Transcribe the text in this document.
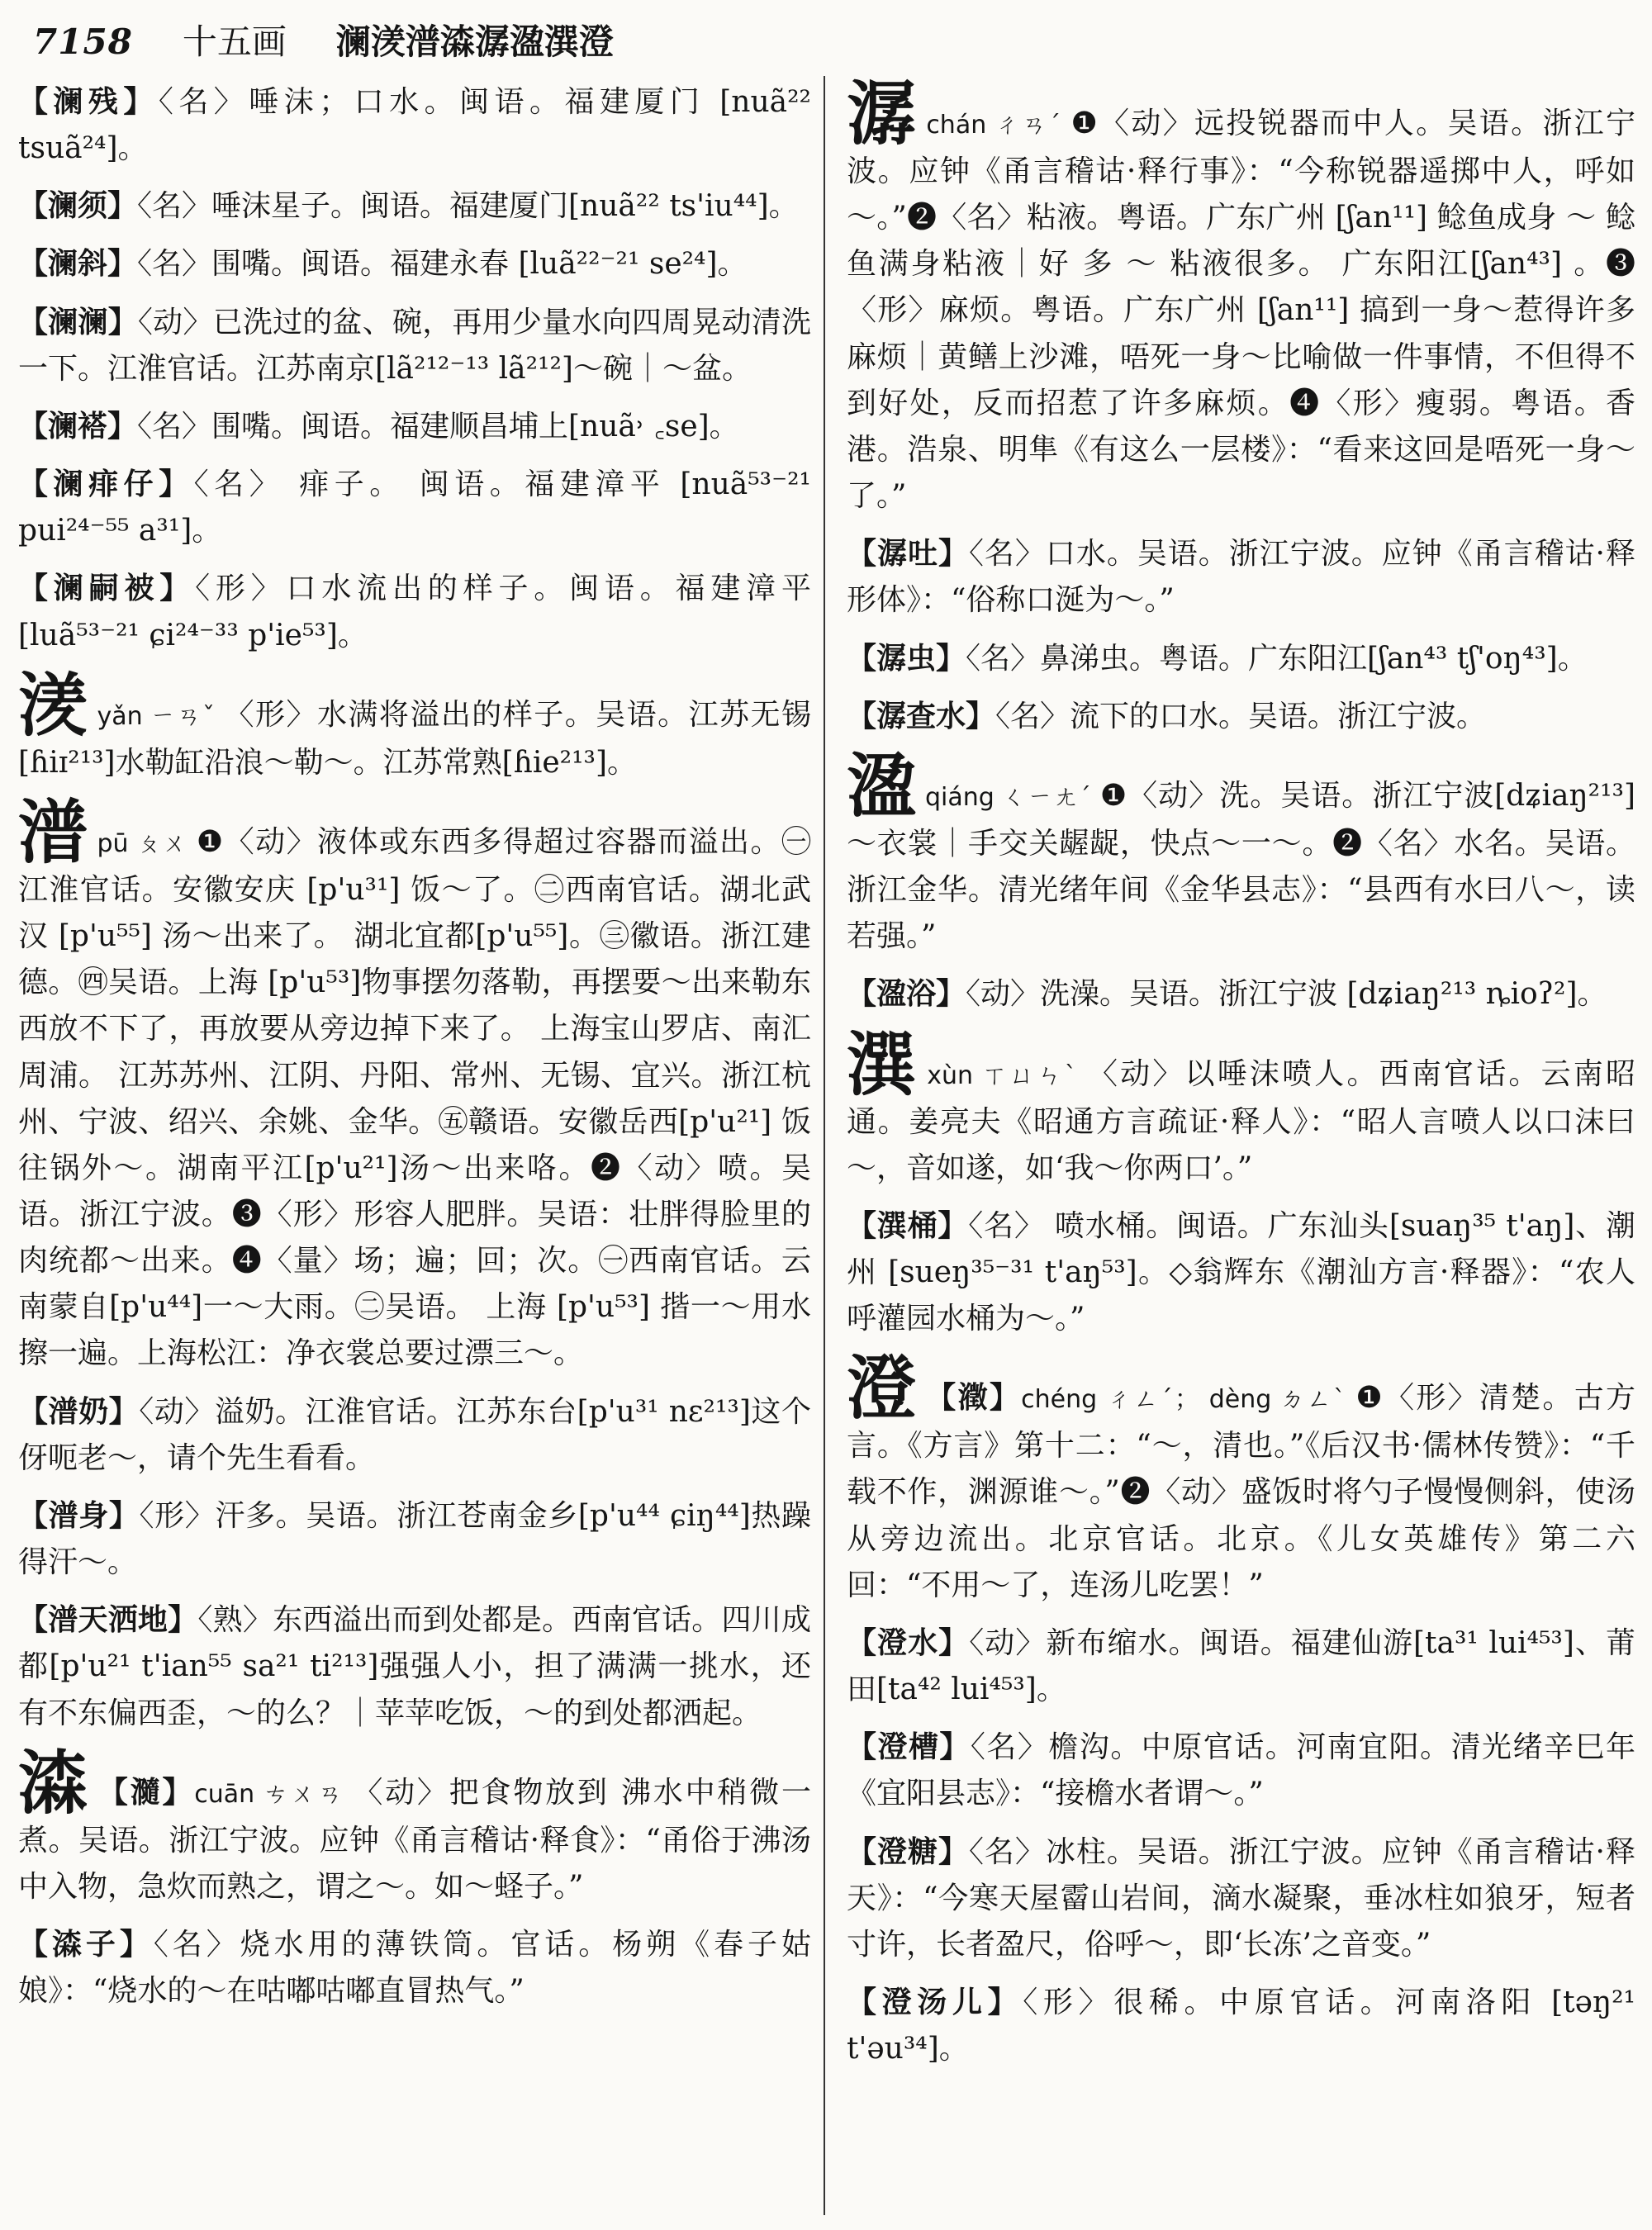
7158 十五画 澜湵潽潹潺溋潠澄
【澜残】〈名〉唾沫；口水。闽语。福建厦门 [nuã²² tsuã²⁴]。
【澜须】〈名〉唾沫星子。闽语。福建厦门[nuã²² ts'iu⁴⁴]。
【澜斜】〈名〉围嘴。闽语。福建永春 [luã²²⁻²¹ se²⁴]。
【澜澜】〈动〉已洗过的盆、碗，再用少量水向四周晃动清洗一下。江淮官话。江苏南京[lã²¹²⁻¹³ lã²¹²]～碗｜～盆。
【澜褡】〈名〉围嘴。闽语。福建顺昌埔上[nuã˒ ꜀se]。
【澜痱仔】〈名〉 痱子。 闽语。福建漳平 [nuã⁵³⁻²¹ pui²⁴⁻⁵⁵ a³¹]。
【澜嗣被】〈形〉口水流出的样子。闽语。福建漳平 [luã⁵³⁻²¹ ɕi²⁴⁻³³ p'ie⁵³]。
湵yǎn ㄧㄢˇ 〈形〉水满将溢出的样子。吴语。江苏无锡 [ɦiɪ²¹³]水勒缸沿浪～勒～。江苏常熟[ɦie²¹³]。
潽pū ㄆㄨ ❶〈动〉液体或东西多得超过容器而溢出。㊀江淮官话。安徽安庆 [p'u³¹] 饭～了。㊁西南官话。湖北武汉 [p'u⁵⁵] 汤～出来了。 湖北宜都[p'u⁵⁵]。㊂徽语。浙江建德。㊃吴语。上海 [p'u⁵³]物事摆勿落勒，再摆要～出来勒东西放不下了，再放要从旁边掉下来了。 上海宝山罗店、南汇周浦。 江苏苏州、江阴、丹阳、常州、无锡、宜兴。浙江杭州、宁波、绍兴、余姚、金华。㊄赣语。安徽岳西[p'u²¹] 饭往锅外～。湖南平江[p'u²¹]汤～出来咯。❷〈动〉喷。吴语。浙江宁波。❸〈形〉形容人肥胖。吴语：壮胖得脸里的肉统都～出来。❹〈量〉场；遍；回；次。㊀西南官话。云南蒙自[p'u⁴⁴]一～大雨。㊁吴语。 上海 [p'u⁵³] 揩一～用水擦一遍。上海松江：净衣裳总要过漂三～。
【潽奶】〈动〉溢奶。江淮官话。江苏东台[p'u³¹ nɛ²¹³]这个伢呃老～，请个先生看看。
【潽身】〈形〉汗多。吴语。浙江苍南金乡[p'u⁴⁴ ɕiŋ⁴⁴]热躁得汗～。
【潽天洒地】〈熟〉东西溢出而到处都是。西南官话。四川成都[p'u²¹ t'ian⁵⁵ sa²¹ ti²¹³]强强人小，担了满满一挑水，还有不东偏西歪，～的么？｜苹苹吃饭，～的到处都洒起。
潹 【瀡】cuān ㄘㄨㄢ 〈动〉把食物放到 沸水中稍微一煮。吴语。浙江宁波。应钟《甬言稽诂·释食》：“甬俗于沸汤中入物，急炊而熟之，谓之～。如～蛏子。”
【潹子】〈名〉烧水用的薄铁筒。官话。杨朔《春子姑娘》：“烧水的～在咕嘟咕嘟直冒热气。”
潺chán ㄔㄢˊ ❶〈动〉远投锐器而中人。吴语。浙江宁波。应钟《甬言稽诂·释行事》：“今称锐器遥掷中人，呼如～。”❷〈名〉粘液。粤语。广东广州 [ʃan¹¹] 鲶鱼成身 ～ 鲶鱼满身粘液｜好 多 ～ 粘液很多。 广东阳江[ʃan⁴³] 。❸〈形〉麻烦。粤语。广东广州 [ʃan¹¹] 搞到一身～惹得许多麻烦｜黄鳝上沙滩，唔死一身～比喻做一件事情，不但得不到好处，反而招惹了许多麻烦。❹〈形〉瘦弱。粤语。香港。浩泉、明隼《有这么一层楼》：“看来这回是唔死一身～了。”
【潺吐】〈名〉口水。吴语。浙江宁波。应钟《甬言稽诂·释形体》：“俗称口涎为～。”
【潺虫】〈名〉鼻涕虫。粤语。广东阳江[ʃan⁴³ tʃ'oŋ⁴³]。
【潺查水】〈名〉流下的口水。吴语。浙江宁波。
溋qiáng ㄑㄧㄤˊ ❶〈动〉洗。吴语。浙江宁波[dʑiaŋ²¹³] ～衣裳｜手交关龌龊，快点～一～。❷〈名〉水名。吴语。浙江金华。清光绪年间《金华县志》：“县西有水曰八～，读若强。”
【溋浴】〈动〉洗澡。吴语。浙江宁波 [dʑiaŋ²¹³ ȵioʔ²]。
潠xùn ㄒㄩㄣˋ 〈动〉以唾沫喷人。西南官话。云南昭通。姜亮夫《昭通方言疏证·释人》：“昭人言喷人以口沫曰～，音如遂，如‘我～你两口’。”
【潠桶】〈名〉 喷水桶。闽语。广东汕头[suaŋ³⁵ t'aŋ]、潮州 [sueŋ³⁵⁻³¹ t'aŋ⁵³]。◇翁辉东《潮汕方言·释器》：“农人呼灌园水桶为～。”
澄 【瀓】chéng ㄔㄥˊ； dèng ㄉㄥˋ ❶〈形〉清楚。古方言。《方言》第十二：“～，清也。”《后汉书·儒林传赞》：“千载不作，渊源谁～。”❷〈动〉盛饭时将勺子慢慢侧斜，使汤从旁边流出。北京官话。北京。《儿女英雄传》第二六回：“不用～了，连汤儿吃罢！”
【澄水】〈动〉新布缩水。闽语。福建仙游[ta³¹ lui⁴⁵³]、莆田[ta⁴² lui⁴⁵³]。
【澄槽】〈名〉檐沟。中原官话。河南宜阳。清光绪辛巳年《宜阳县志》：“接檐水者谓～。”
【澄糖】〈名〉冰柱。吴语。浙江宁波。应钟《甬言稽诂·释天》：“今寒天屋霤山岩间，滴水凝聚，垂冰柱如狼牙，短者寸许，长者盈尺，俗呼～，即‘长冻’之音变。”
【澄汤儿】〈形〉很稀。中原官话。河南洛阳 [təŋ²¹ t'əu³⁴]。
